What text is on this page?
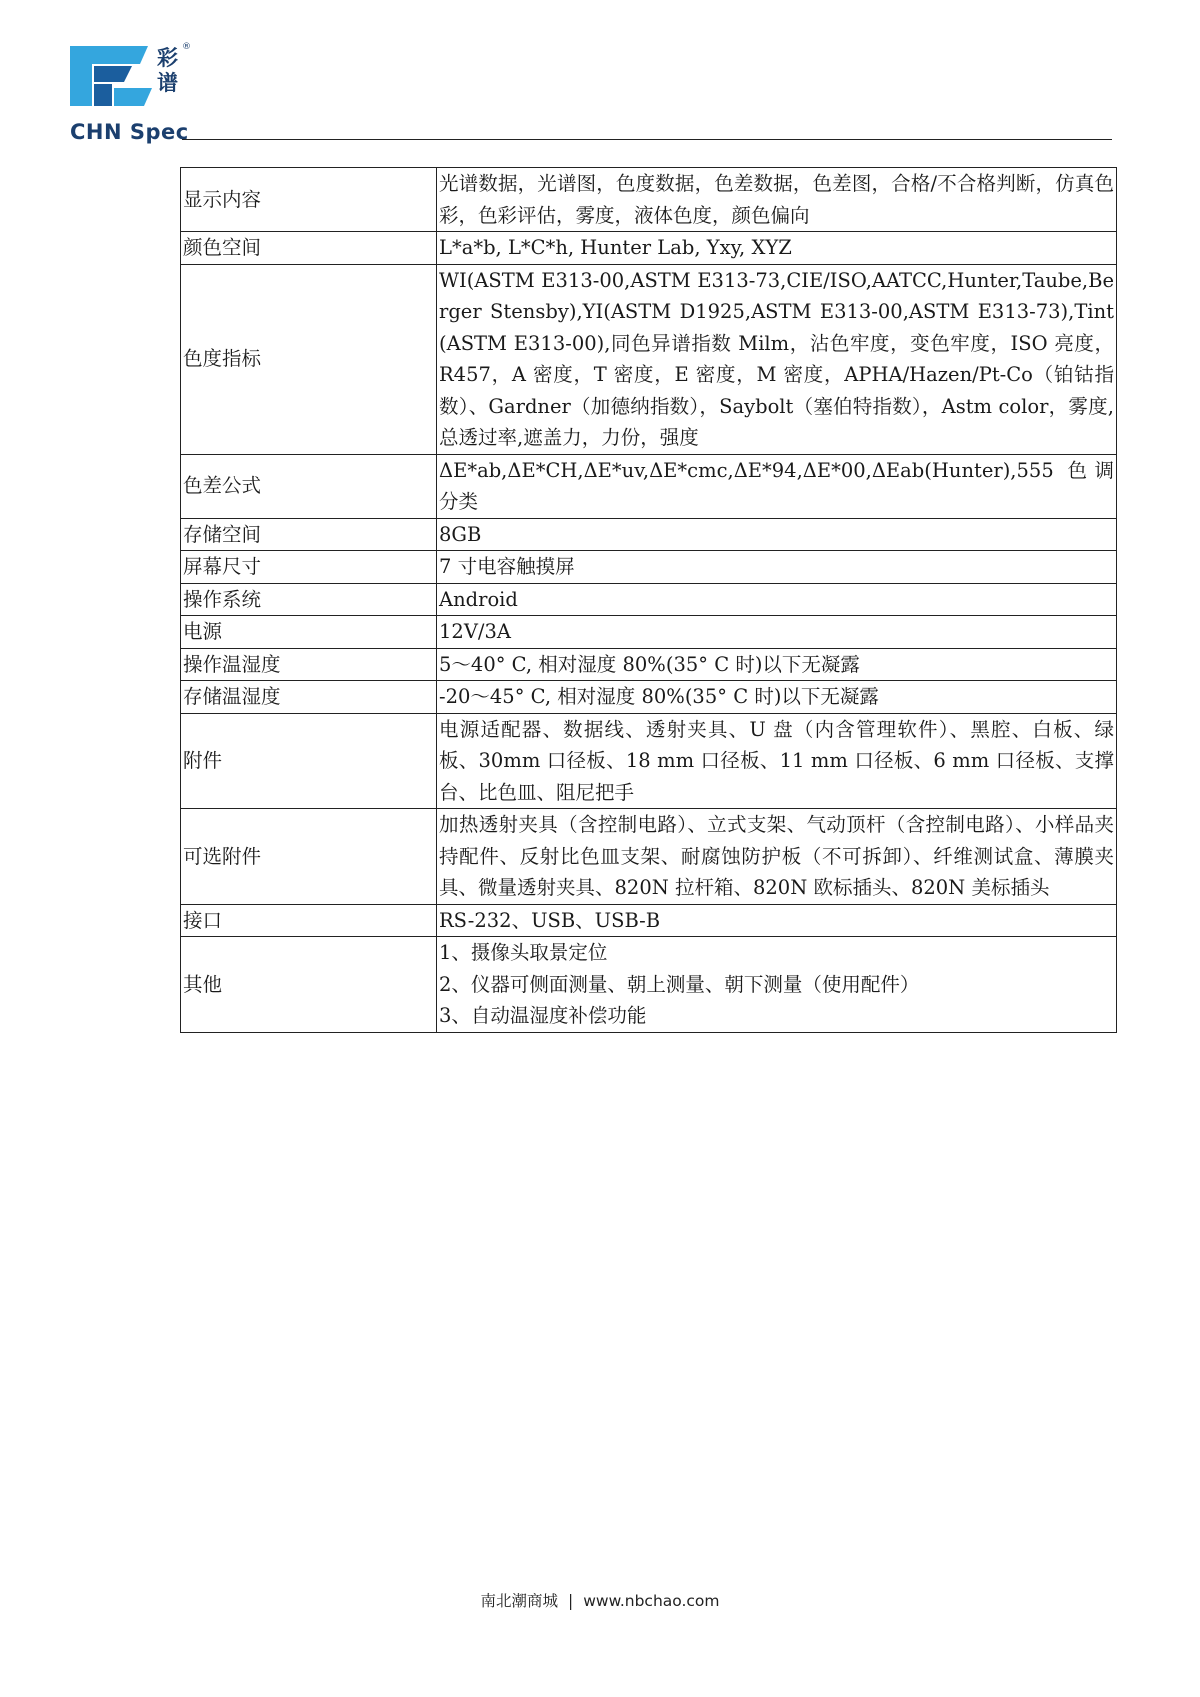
彩
谱
®
CHN Spec
显示内容	光谱数据，光谱图，色度数据，色差数据，色差图，合格/不合格判断，仿真色彩，色彩评估，雾度，液体色度，颜色偏向
颜色空间	L*a*b, L*C*h, Hunter Lab, Yxy, XYZ
色度指标	WI(ASTM E313-00,ASTM E313-73,CIE/ISO,AATCC,Hunter,Taube,Berger Stensby),YI(ASTM D1925,ASTM E313-00,ASTM E313-73),Tint(ASTM E313-00),同色异谱指数 Milm，沾色牢度，变色牢度，ISO 亮度，R457，A 密度，T 密度，E 密度，M 密度，APHA/Hazen/Pt-Co（铂钴指数）、Gardner（加德纳指数），Saybolt（塞伯特指数），Astm color，雾度,总透过率,遮盖力，力份，强度
色差公式	ΔE*ab,ΔE*CH,ΔE*uv,ΔE*cmc,ΔE*94,ΔE*00,ΔEab(Hunter),555 色调分类
存储空间	8GB
屏幕尺寸	7 寸电容触摸屏
操作系统	Android
电源	12V/3A
操作温湿度	5～40° C, 相对湿度 80%(35° C 时)以下无凝露
存储温湿度	-20～45° C, 相对湿度 80%(35° C 时)以下无凝露
附件	电源适配器、数据线、透射夹具、U 盘（内含管理软件）、黑腔、白板、绿板、30mm 口径板、18 mm 口径板、11 mm 口径板、6 mm 口径板、支撑台、比色皿、阻尼把手
可选附件	加热透射夹具（含控制电路）、立式支架、气动顶杆（含控制电路）、小样品夹持配件、反射比色皿支架、耐腐蚀防护板（不可拆卸）、纤维测试盒、薄膜夹具、微量透射夹具、820N 拉杆箱、820N 欧标插头、820N 美标插头
接口	RS-232、USB、USB-B
其他	1、摄像头取景定位
2、仪器可侧面测量、朝上测量、朝下测量（使用配件）
3、自动温湿度补偿功能
南北潮商城 | www.nbchao.com
